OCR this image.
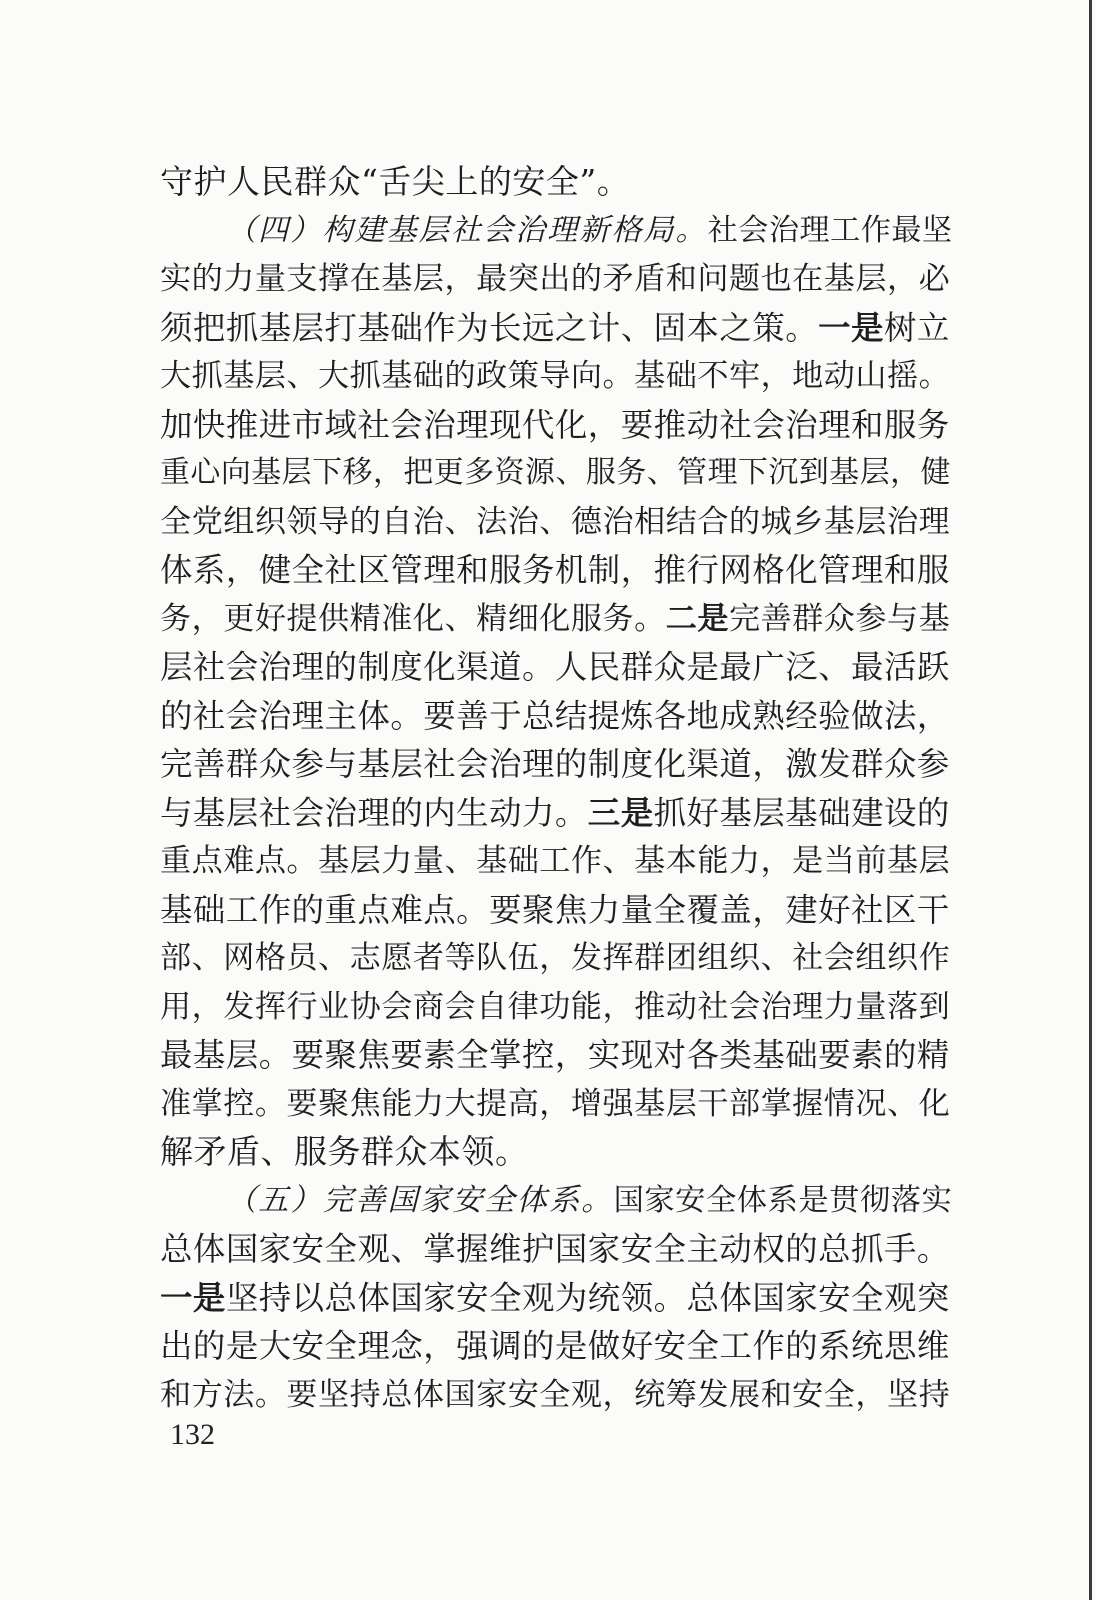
守护人民群众“舌尖上的安全”。
（四）构建基层社会治理新格局。社会治理工作最坚
实的力量支撑在基层，最突出的矛盾和问题也在基层，必
须把抓基层打基础作为长远之计、固本之策。一是树立
大抓基层、大抓基础的政策导向。基础不牢，地动山摇。
加快推进市域社会治理现代化，要推动社会治理和服务
重心向基层下移，把更多资源、服务、管理下沉到基层，健
全党组织领导的自治、法治、德治相结合的城乡基层治理
体系，健全社区管理和服务机制，推行网格化管理和服
务，更好提供精准化、精细化服务。二是完善群众参与基
层社会治理的制度化渠道。人民群众是最广泛、最活跃
的社会治理主体。要善于总结提炼各地成熟经验做法，
完善群众参与基层社会治理的制度化渠道，激发群众参
与基层社会治理的内生动力。三是抓好基层基础建设的
重点难点。基层力量、基础工作、基本能力，是当前基层
基础工作的重点难点。要聚焦力量全覆盖，建好社区干
部、网格员、志愿者等队伍，发挥群团组织、社会组织作
用，发挥行业协会商会自律功能，推动社会治理力量落到
最基层。要聚焦要素全掌控，实现对各类基础要素的精
准掌控。要聚焦能力大提高，增强基层干部掌握情况、化
解矛盾、服务群众本领。
（五）完善国家安全体系。国家安全体系是贯彻落实
总体国家安全观、掌握维护国家安全主动权的总抓手。
一是坚持以总体国家安全观为统领。总体国家安全观突
出的是大安全理念，强调的是做好安全工作的系统思维
和方法。要坚持总体国家安全观，统筹发展和安全，坚持
132
